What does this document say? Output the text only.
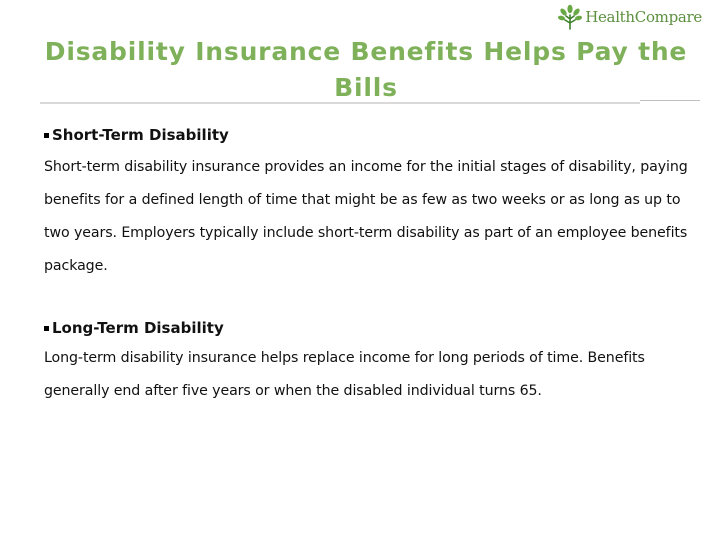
HealthCompare
Disability Insurance Benefits Helps Pay the Bills

Short-Term Disability

Short-term disability insurance provides an income for the initial stages of disability, paying benefits for a defined length of time that might be as few as two weeks or as long as up to two years. Employers typically include short-term disability as part of an employee benefits package.

Long-Term Disability

Long-term disability insurance helps replace income for long periods of time. Benefits generally end after five years or when the disabled individual turns 65.
